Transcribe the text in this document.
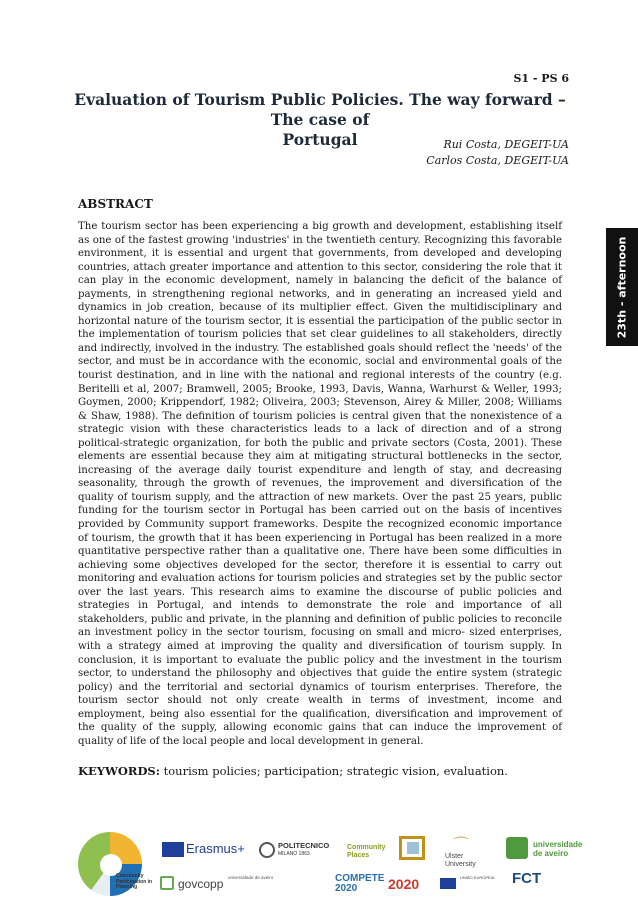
S1 - PS 6
Evaluation of Tourism Public Policies. The way forward – The case of
Portugal	Rui Costa, DEGEIT-UA
Carlos Costa, DEGEIT-UA
23th - afternoon
ABSTRACT

The tourism sector has been experiencing a big growth and development, establishing itself as one of the fastest growing 'industries' in the twentieth century. Recognizing this favorable environment, it is essential and urgent that governments, from developed and developing countries, attach greater importance and attention to this sector, considering the role that it can play in the economic development, namely in balancing the deficit of the balance of payments, in strengthening regional networks, and in generating an increased yield and dynamics in job creation, because of its multiplier effect. Given the multidisciplinary and horizontal nature of the tourism sector, it is essential the participation of the public sector in the implementation of tourism policies that set clear guidelines to all stakeholders, directly and indirectly, involved in the industry. The established goals should reflect the 'needs' of the sector, and must be in accordance with the economic, social and environmental goals of the tourist destination, and in line with the national and regional interests of the country (e.g. Beritelli et al, 2007; Bramwell, 2005; Brooke, 1993, Davis, Wanna, Warhurst & Weller, 1993; Goymen, 2000; Krippendorf, 1982; Oliveira, 2003; Stevenson, Airey & Miller, 2008; Williams & Shaw, 1988). The definition of tourism policies is central given that the nonexistence of a strategic vision with these characteristics leads to a lack of direction and of a strong political-strategic organization, for both the public and private sectors (Costa, 2001). These elements are essential because they aim at mitigating structural bottlenecks in the sector, increasing of the average daily tourist expenditure and length of stay, and decreasing seasonality, through the growth of revenues, the improvement and diversification of the quality of tourism supply, and the attraction of new markets. Over the past 25 years, public funding for the tourism sector in Portugal has been carried out on the basis of incentives provided by Community support frameworks. Despite the recognized economic importance of tourism, the growth that it has been experiencing in Portugal has been realized in a more quantitative perspective rather than a qualitative one. There have been some difficulties in achieving some objectives developed for the sector, therefore it is essential to carry out monitoring and evaluation actions for tourism policies and strategies set by the public sector over the last years. This research aims to examine the discourse of public policies and strategies in Portugal, and intends to demonstrate the role and importance of all stakeholders, public and private, in the planning and definition of public policies to reconcile an investment policy in the sector tourism, focusing on small and micro- sized enterprises, with a strategy aimed at improving the quality and diversification of tourism supply. In conclusion, it is important to evaluate the public policy and the investment in the tourism sector, to understand the philosophy and objectives that guide the entire system (strategic policy) and the territorial and sectorial dynamics of tourism enterprises. Therefore, the tourism sector should not only create wealth in terms of investment, income and employment, being also essential for the qualification, diversification and improvement of the quality of the supply, allowing economic gains that can induce the improvement of quality of life of the local people and local development in general.

KEYWORDS: tourism policies; participation; strategic vision, evaluation.
Community Participation in Planning
Erasmus+	POLITECNICO
MILANO 1863
Community Places
⌒
Ulster University
universidade de aveiro
govcopp universidade de aveiro	COMPETE 2020	2020	UNIÃO EUROPEIA	FCT
